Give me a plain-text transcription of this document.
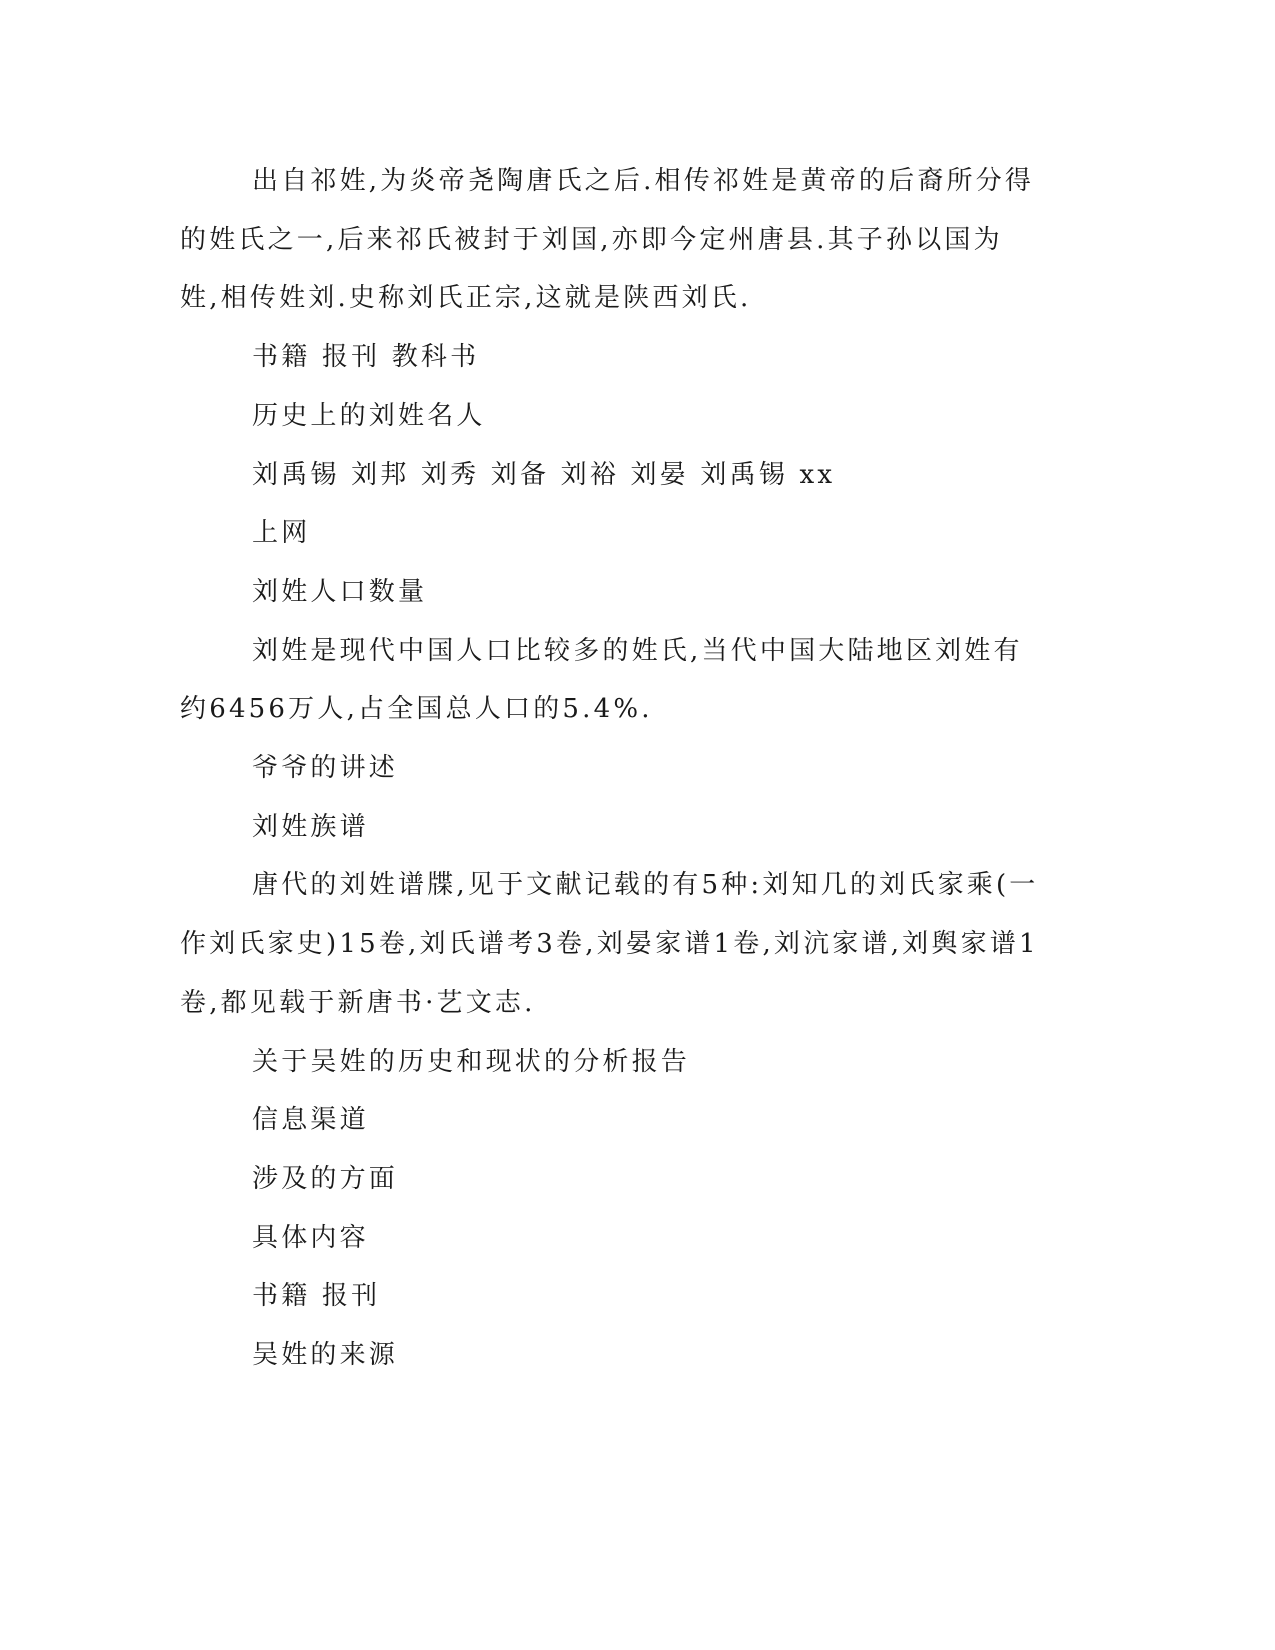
出自祁姓,为炎帝尧陶唐氏之后.相传祁姓是黄帝的后裔所分得的姓氏之一,后来祁氏被封于刘国,亦即今定州唐县.其子孙以国为姓,相传姓刘.史称刘氏正宗,这就是陕西刘氏.

书籍 报刊 教科书

历史上的刘姓名人

刘禹锡 刘邦 刘秀 刘备 刘裕 刘晏 刘禹锡 xx

上网

刘姓人口数量

刘姓是现代中国人口比较多的姓氏,当代中国大陆地区刘姓有约6456万人,占全国总人口的5.4%.

爷爷的讲述

刘姓族谱

唐代的刘姓谱牒,见于文献记载的有5种:刘知几的刘氏家乘(一作刘氏家史)15卷,刘氏谱考3卷,刘晏家谱1卷,刘沆家谱,刘舆家谱1卷,都见载于新唐书·艺文志.

关于吴姓的历史和现状的分析报告

信息渠道

涉及的方面

具体内容

书籍 报刊

吴姓的来源
